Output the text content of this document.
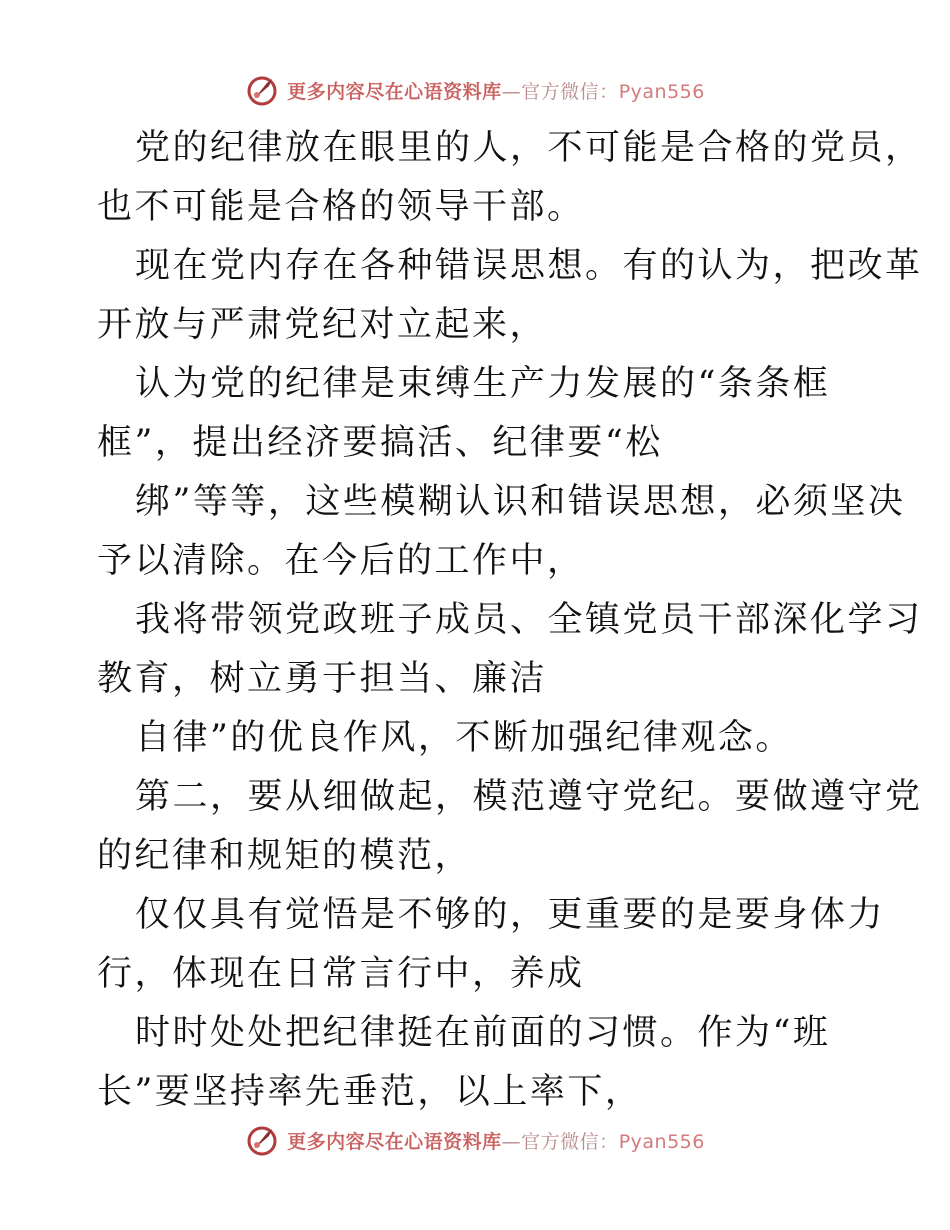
更多内容尽在心语资料库—官方微信：Pyan556
党的纪律放在眼里的人，不可能是合格的党员，
也不可能是合格的领导干部。
现在党内存在各种错误思想。有的认为，把改革
开放与严肃党纪对立起来，
认为党的纪律是束缚生产力发展的“条条框
框”，提出经济要搞活、纪律要“松
绑”等等，这些模糊认识和错误思想，必须坚决
予以清除。在今后的工作中，
我将带领党政班子成员、全镇党员干部深化学习
教育，树立勇于担当、廉洁
自律”的优良作风，不断加强纪律观念。
第二，要从细做起，模范遵守党纪。要做遵守党
的纪律和规矩的模范，
仅仅具有觉悟是不够的，更重要的是要身体力
行，体现在日常言行中，养成
时时处处把纪律挺在前面的习惯。作为“班
长”要坚持率先垂范，以上率下，
更多内容尽在心语资料库—官方微信：Pyan556
